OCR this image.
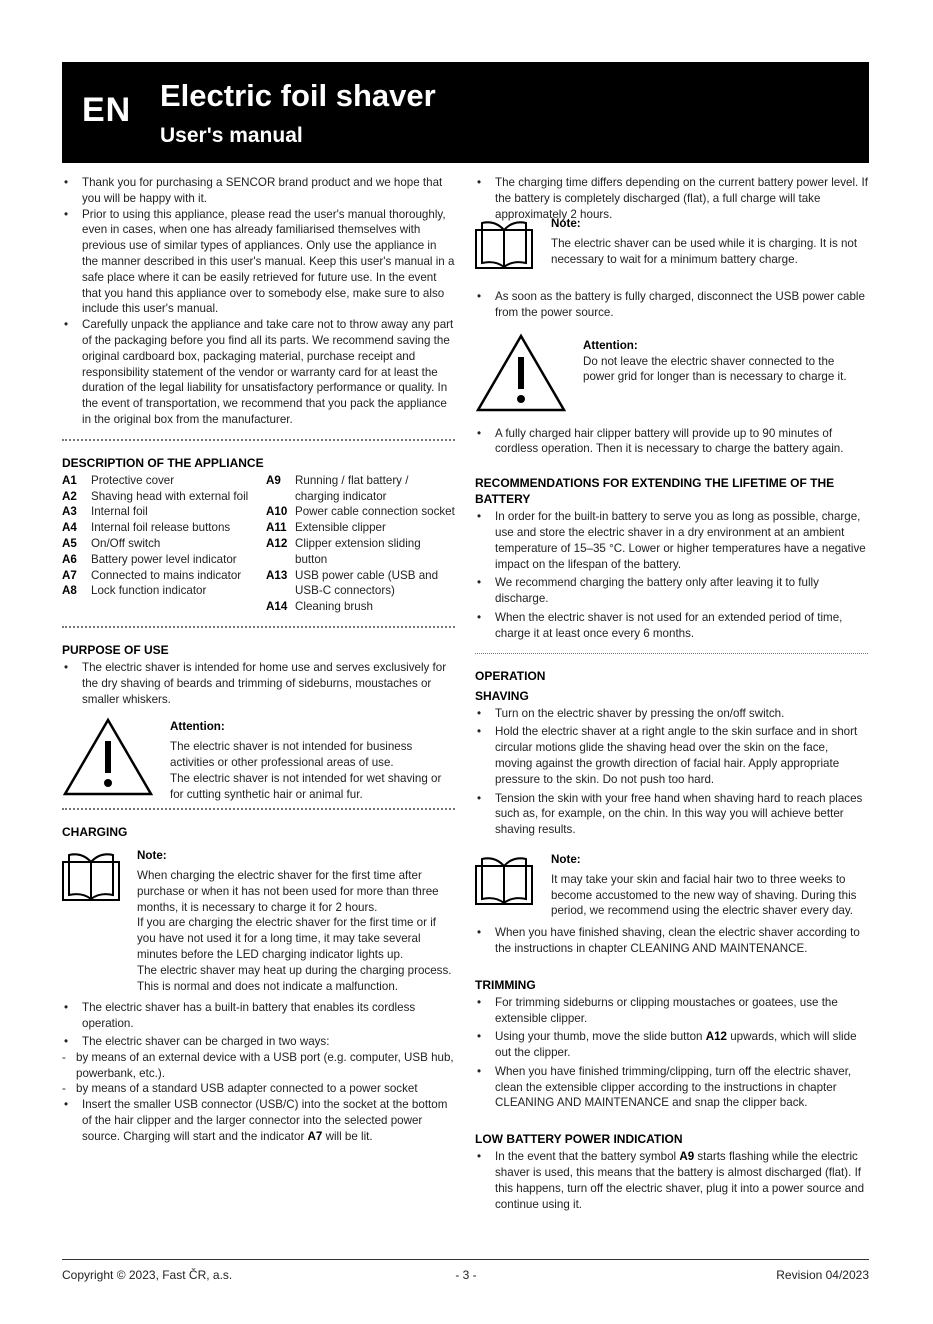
EN Electric foil shaver
User's manual
• Thank you for purchasing a SENCOR brand product and we hope that you will be happy with it.
• Prior to using this appliance, please read the user's manual thoroughly, even in cases, when one has already familiarised themselves with previous use of similar types of appliances. Only use the appliance in the manner described in this user's manual. Keep this user's manual in a safe place where it can be easily retrieved for future use. In the event that you hand this appliance over to somebody else, make sure to also include this user's manual.
• Carefully unpack the appliance and take care not to throw away any part of the packaging before you find all its parts. We recommend saving the original cardboard box, packaging material, purchase receipt and responsibility statement of the vendor or warranty card for at least the duration of the legal liability for unsatisfactory performance or quality. In the event of transportation, we recommend that you pack the appliance in the original box from the manufacturer.
DESCRIPTION OF THE APPLIANCE
A1	Protective cover
A2	Shaving head with external foil
A3	Internal foil
A4	Internal foil release buttons
A5	On/Off switch
A6	Battery power level indicator
A7	Connected to mains indicator
A8	Lock function indicator
A9	Running / flat battery / charging indicator
A10 Power cable connection socket
A11 Extensible clipper
A12 Clipper extension sliding button
A13 USB power cable (USB and USB-C connectors)
A14 Cleaning brush
PURPOSE OF USE
• The electric shaver is intended for home use and serves exclusively for the dry shaving of beards and trimming of sideburns, moustaches or smaller whiskers.
Attention:
The electric shaver is not intended for business activities or other professional areas of use.
The electric shaver is not intended for wet shaving or for cutting synthetic hair or animal fur.
CHARGING
Note:
When charging the electric shaver for the first time after purchase or when it has not been used for more than three months, it is necessary to charge it for 2 hours.
If you are charging the electric shaver for the first time or if you have not used it for a long time, it may take several minutes before the LED charging indicator lights up.
The electric shaver may heat up during the charging process. This is normal and does not indicate a malfunction.
• The electric shaver has a built-in battery that enables its cordless operation.
• The electric shaver can be charged in two ways:
- by means of an external device with a USB port (e.g. computer, USB hub, powerbank, etc.).
- by means of a standard USB adapter connected to a power socket
• Insert the smaller USB connector (USB/C) into the socket at the bottom of the hair clipper and the larger connector into the selected power source. Charging will start and the indicator A7 will be lit.
• The charging time differs depending on the current battery power level. If the battery is completely discharged (flat), a full charge will take approximately 2 hours.
Note:
The electric shaver can be used while it is charging. It is not necessary to wait for a minimum battery charge.
• As soon as the battery is fully charged, disconnect the USB power cable from the power source.
Attention:
Do not leave the electric shaver connected to the power grid for longer than is necessary to charge it.
• A fully charged hair clipper battery will provide up to 90 minutes of cordless operation. Then it is necessary to charge the battery again.
RECOMMENDATIONS FOR EXTENDING THE LIFETIME OF THE BATTERY
• In order for the built-in battery to serve you as long as possible, charge, use and store the electric shaver in a dry environment at an ambient temperature of 15–35 °C. Lower or higher temperatures have a negative impact on the lifespan of the battery.
• We recommend charging the battery only after leaving it to fully discharge.
• When the electric shaver is not used for an extended period of time, charge it at least once every 6 months.
OPERATION
SHAVING
• Turn on the electric shaver by pressing the on/off switch.
• Hold the electric shaver at a right angle to the skin surface and in short circular motions glide the shaving head over the skin on the face, moving against the growth direction of facial hair. Apply appropriate pressure to the skin. Do not push too hard.
• Tension the skin with your free hand when shaving hard to reach places such as, for example, on the chin. In this way you will achieve better shaving results.
Note:
It may take your skin and facial hair two to three weeks to become accustomed to the new way of shaving. During this period, we recommend using the electric shaver every day.
• When you have finished shaving, clean the electric shaver according to the instructions in chapter CLEANING AND MAINTENANCE.
TRIMMING
• For trimming sideburns or clipping moustaches or goatees, use the extensible clipper.
• Using your thumb, move the slide button A12 upwards, which will slide out the clipper.
• When you have finished trimming/clipping, turn off the electric shaver, clean the extensible clipper according to the instructions in chapter CLEANING AND MAINTENANCE and snap the clipper back.
LOW BATTERY POWER INDICATION
• In the event that the battery symbol A9 starts flashing while the electric shaver is used, this means that the battery is almost discharged (flat). If this happens, turn off the electric shaver, plug it into a power source and continue using it.
Copyright © 2023, Fast ČR, a.s.	- 3 -	Revision 04/2023
